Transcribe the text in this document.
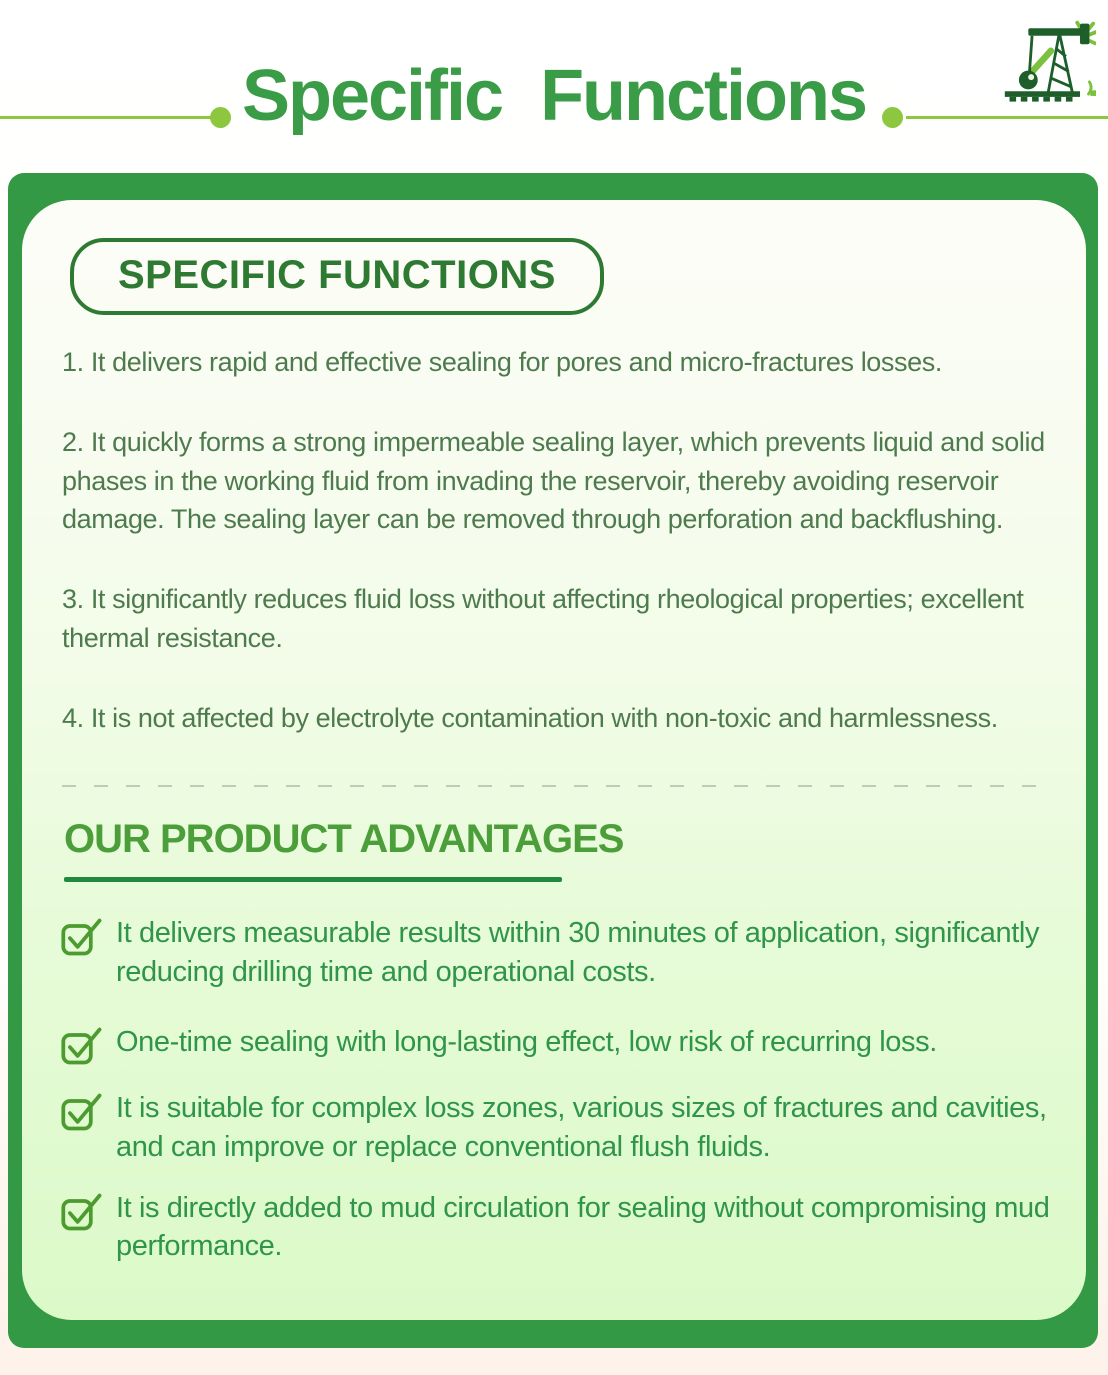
Specific Functions
SPECIFIC FUNCTIONS

1. It delivers rapid and effective sealing for pores and micro-fractures losses.

2. It quickly forms a strong impermeable sealing layer, which prevents liquid and solid phases in the working fluid from invading the reservoir, thereby avoiding reservoir damage. The sealing layer can be removed through perforation and backflushing.

3. It significantly reduces fluid loss without affecting rheological properties; excellent thermal resistance.

4. It is not affected by electrolyte contamination with non-toxic and harmlessness.

OUR PRODUCT ADVANTAGES

It delivers measurable results within 30 minutes of application, significantly reducing drilling time and operational costs.

One-time sealing with long-lasting effect, low risk of recurring loss.

It is suitable for complex loss zones, various sizes of fractures and cavities, and can improve or replace conventional flush fluids.

It is directly added to mud circulation for sealing without compromising mud performance.
